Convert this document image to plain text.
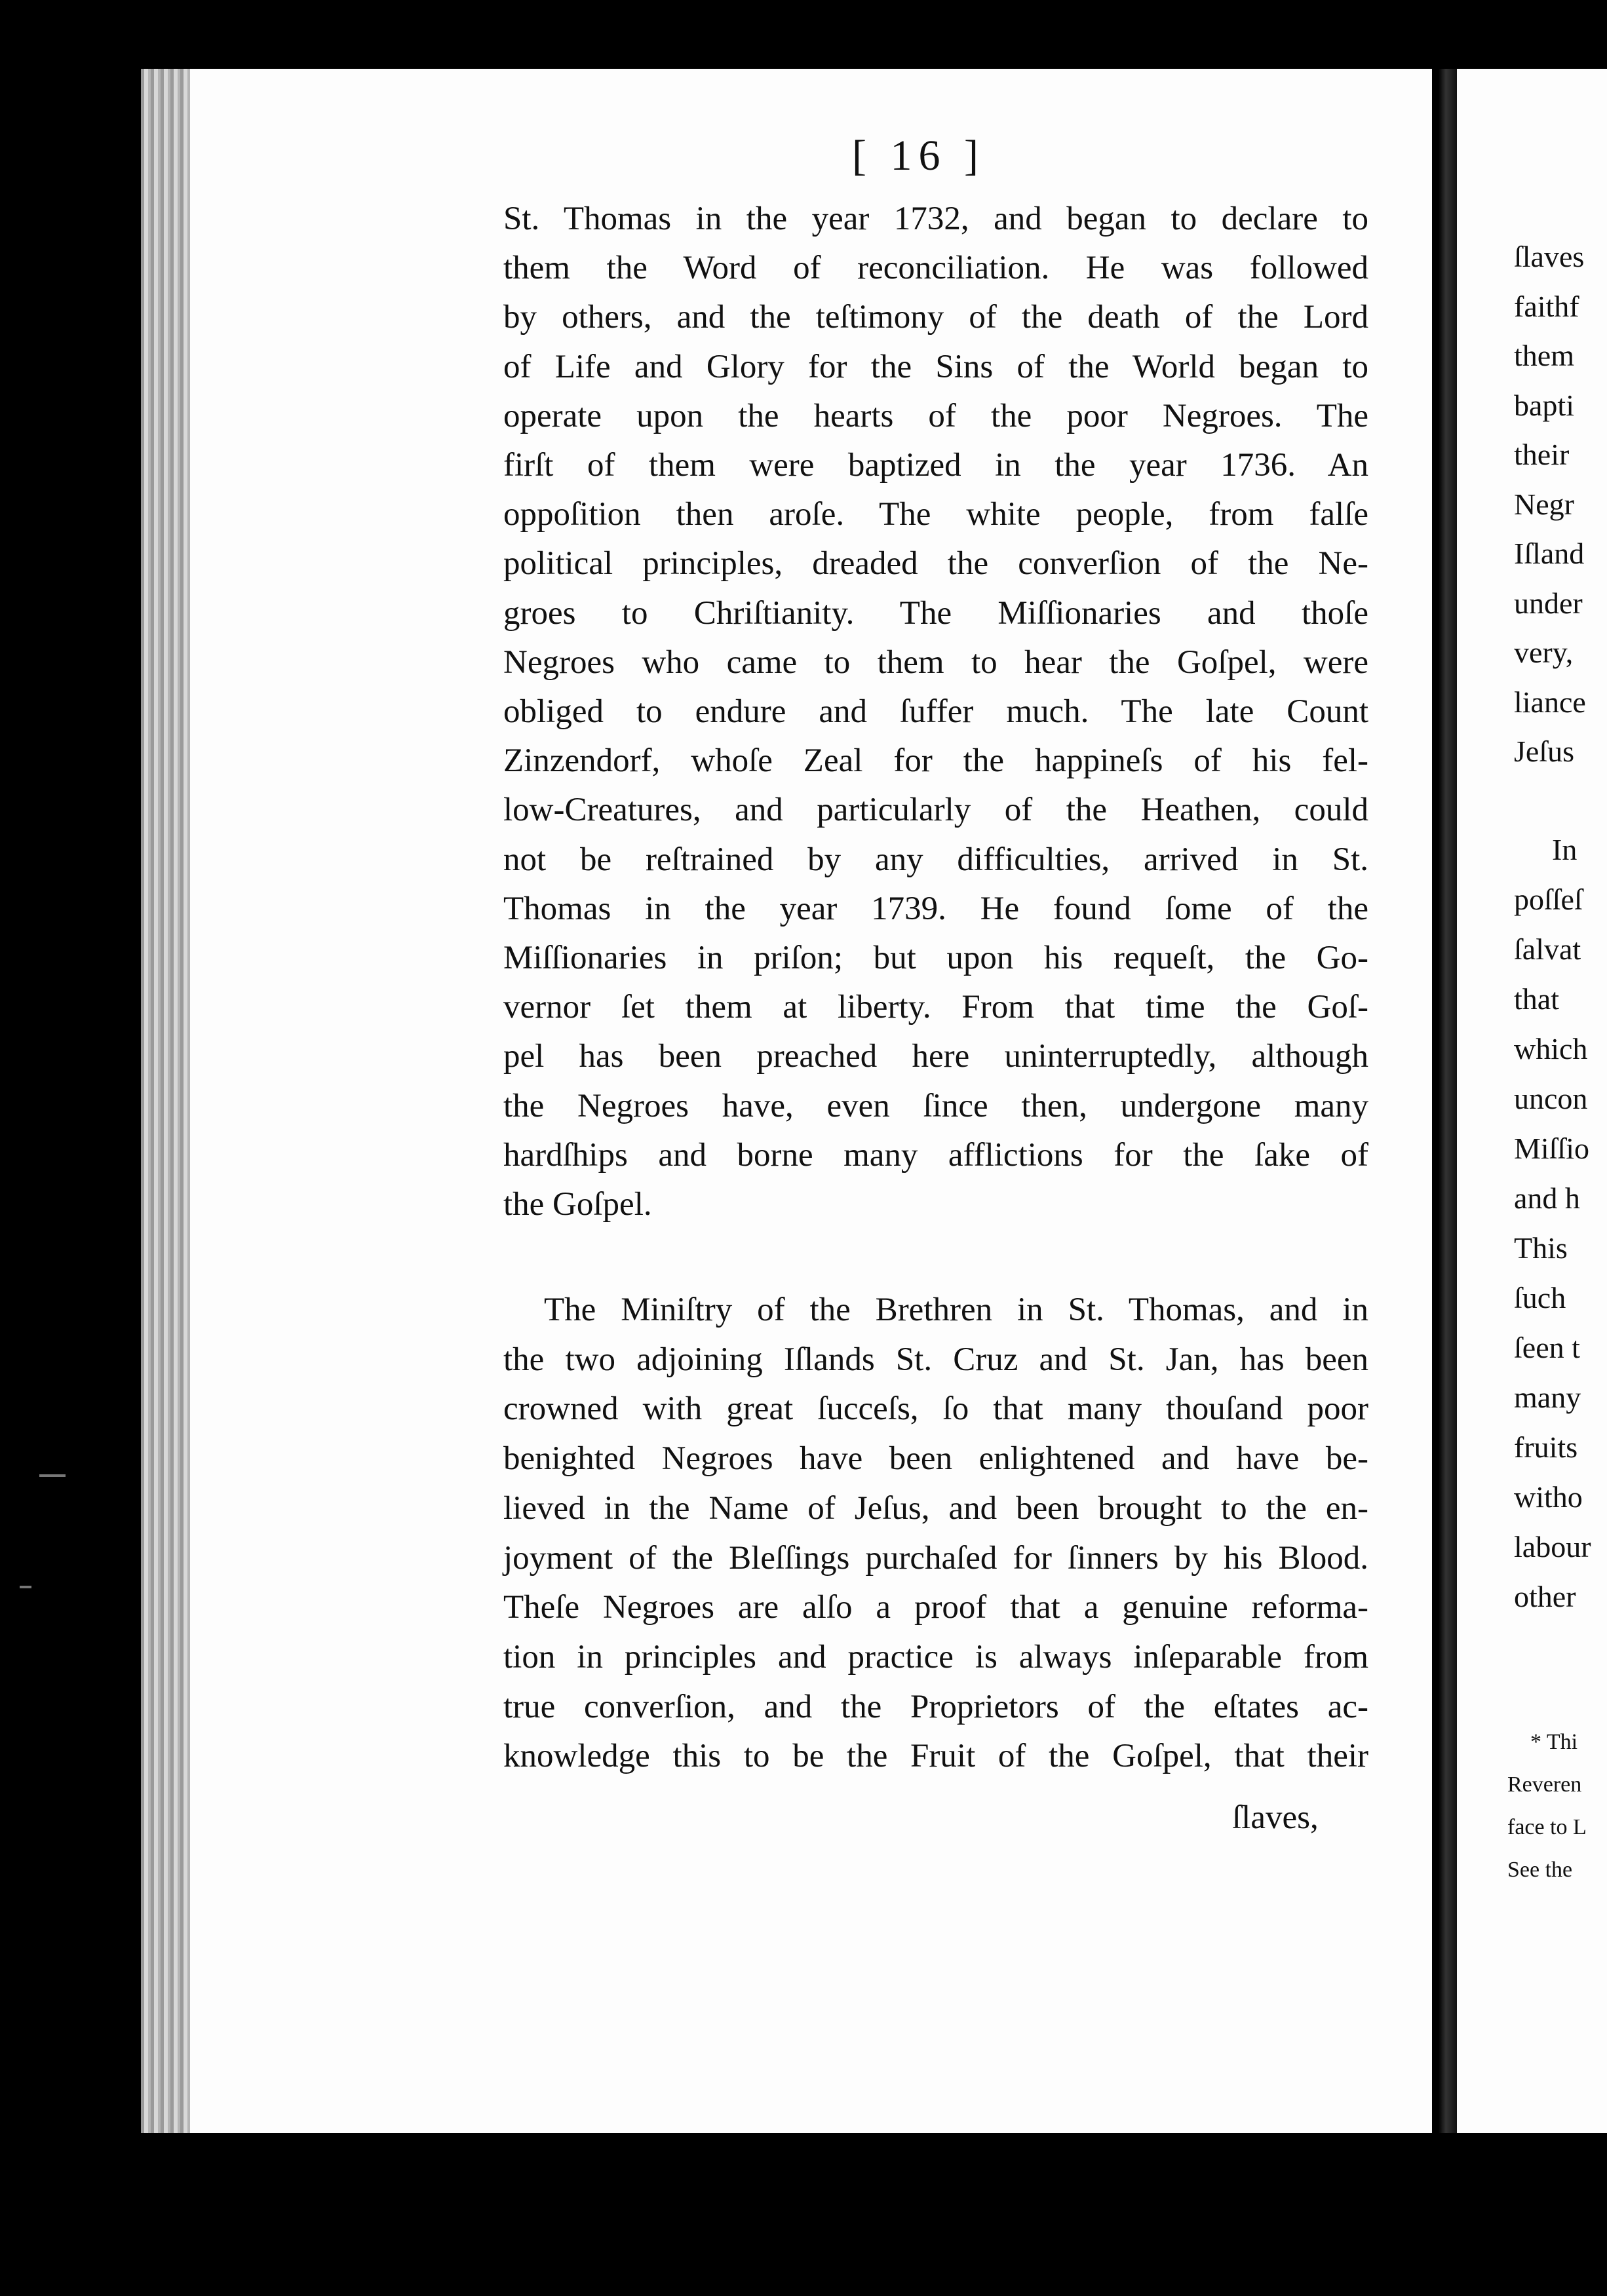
[ 16 ]
St. Thomas in the year 1732, and began to declare to
them the Word of reconciliation. He was followed
by others, and the teſtimony of the death of the Lord
of Life and Glory for the Sins of the World began to
operate upon the hearts of the poor Negroes. The
firſt of them were baptized in the year 1736. An
oppoſition then aroſe. The white people, from falſe
political principles, dreaded the converſion of the Ne-
groes to Chriſtianity. The Miſſionaries and thoſe
Negroes who came to them to hear the Goſpel, were
obliged to endure and ſuffer much. The late Count
Zinzendorf, whoſe Zeal for the happineſs of his fel-
low-Creatures, and particularly of the Heathen, could
not be reſtrained by any difficulties, arrived in St.
Thomas in the year 1739. He found ſome of the
Miſſionaries in priſon; but upon his requeſt, the Go-
vernor ſet them at liberty. From that time the Goſ-
pel has been preached here uninterruptedly, although
the Negroes have, even ſince then, undergone many
hardſhips and borne many afflictions for the ſake of
the Goſpel.
The Miniſtry of the Brethren in St. Thomas, and in
the two adjoining Iſlands St. Cruz and St. Jan, has been
crowned with great ſucceſs, ſo that many thouſand poor
benighted Negroes have been enlightened and have be-
lieved in the Name of Jeſus, and been brought to the en-
joyment of the Bleſſings purchaſed for ſinners by his Blood.
Theſe Negroes are alſo a proof that a genuine reforma-
tion in principles and practice is always inſeparable from
true converſion, and the Proprietors of the eſtates ac-
knowledge this to be the Fruit of the Goſpel, that their
ſlaves,
ſlaves
faithf
them
bapti
their
Negr
Iſland
under
very,
liance
Jeſus
In
poſſeſ
ſalvat
that
which
uncon
Miſſio
and h
This
ſuch
ſeen t
many
fruits
witho
labour
other
* Thi
Reveren
face to L
See the
